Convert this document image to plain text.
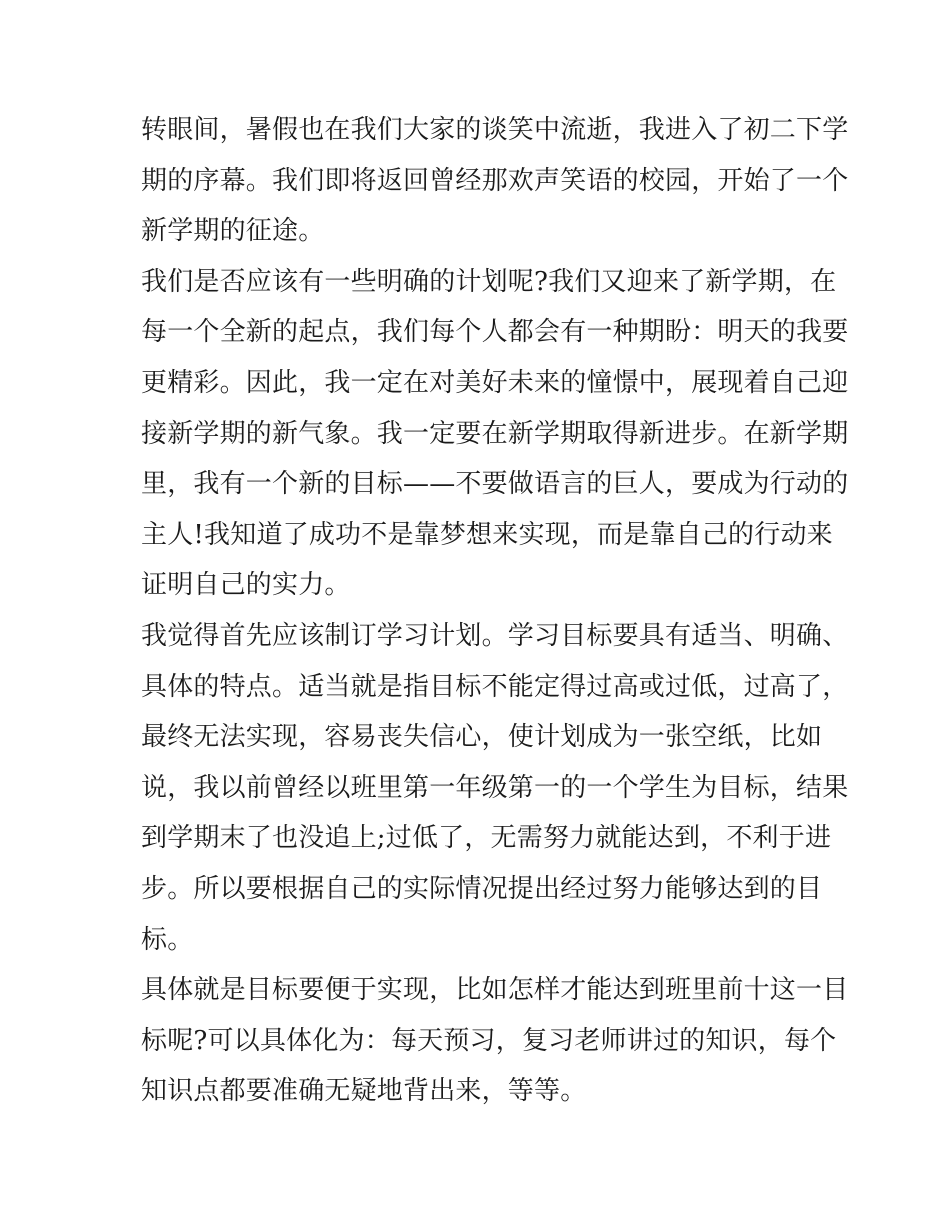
转眼间，暑假也在我们大家的谈笑中流逝，我进入了初二下学
期的序幕。我们即将返回曾经那欢声笑语的校园，开始了一个
新学期的征途。
我们是否应该有一些明确的计划呢?我们又迎来了新学期，在
每一个全新的起点，我们每个人都会有一种期盼：明天的我要
更精彩。因此，我一定在对美好未来的憧憬中，展现着自己迎
接新学期的新气象。我一定要在新学期取得新进步。在新学期
里，我有一个新的目标——不要做语言的巨人，要成为行动的
主人!我知道了成功不是靠梦想来实现，而是靠自己的行动来
证明自己的实力。
我觉得首先应该制订学习计划。学习目标要具有适当、明确、
具体的特点。适当就是指目标不能定得过高或过低，过高了，
最终无法实现，容易丧失信心，使计划成为一张空纸，比如
说，我以前曾经以班里第一年级第一的一个学生为目标，结果
到学期末了也没追上;过低了，无需努力就能达到，不利于进
步。所以要根据自己的实际情况提出经过努力能够达到的目
标。
具体就是目标要便于实现，比如怎样才能达到班里前十这一目
标呢?可以具体化为：每天预习，复习老师讲过的知识，每个
知识点都要准确无疑地背出来，等等。
